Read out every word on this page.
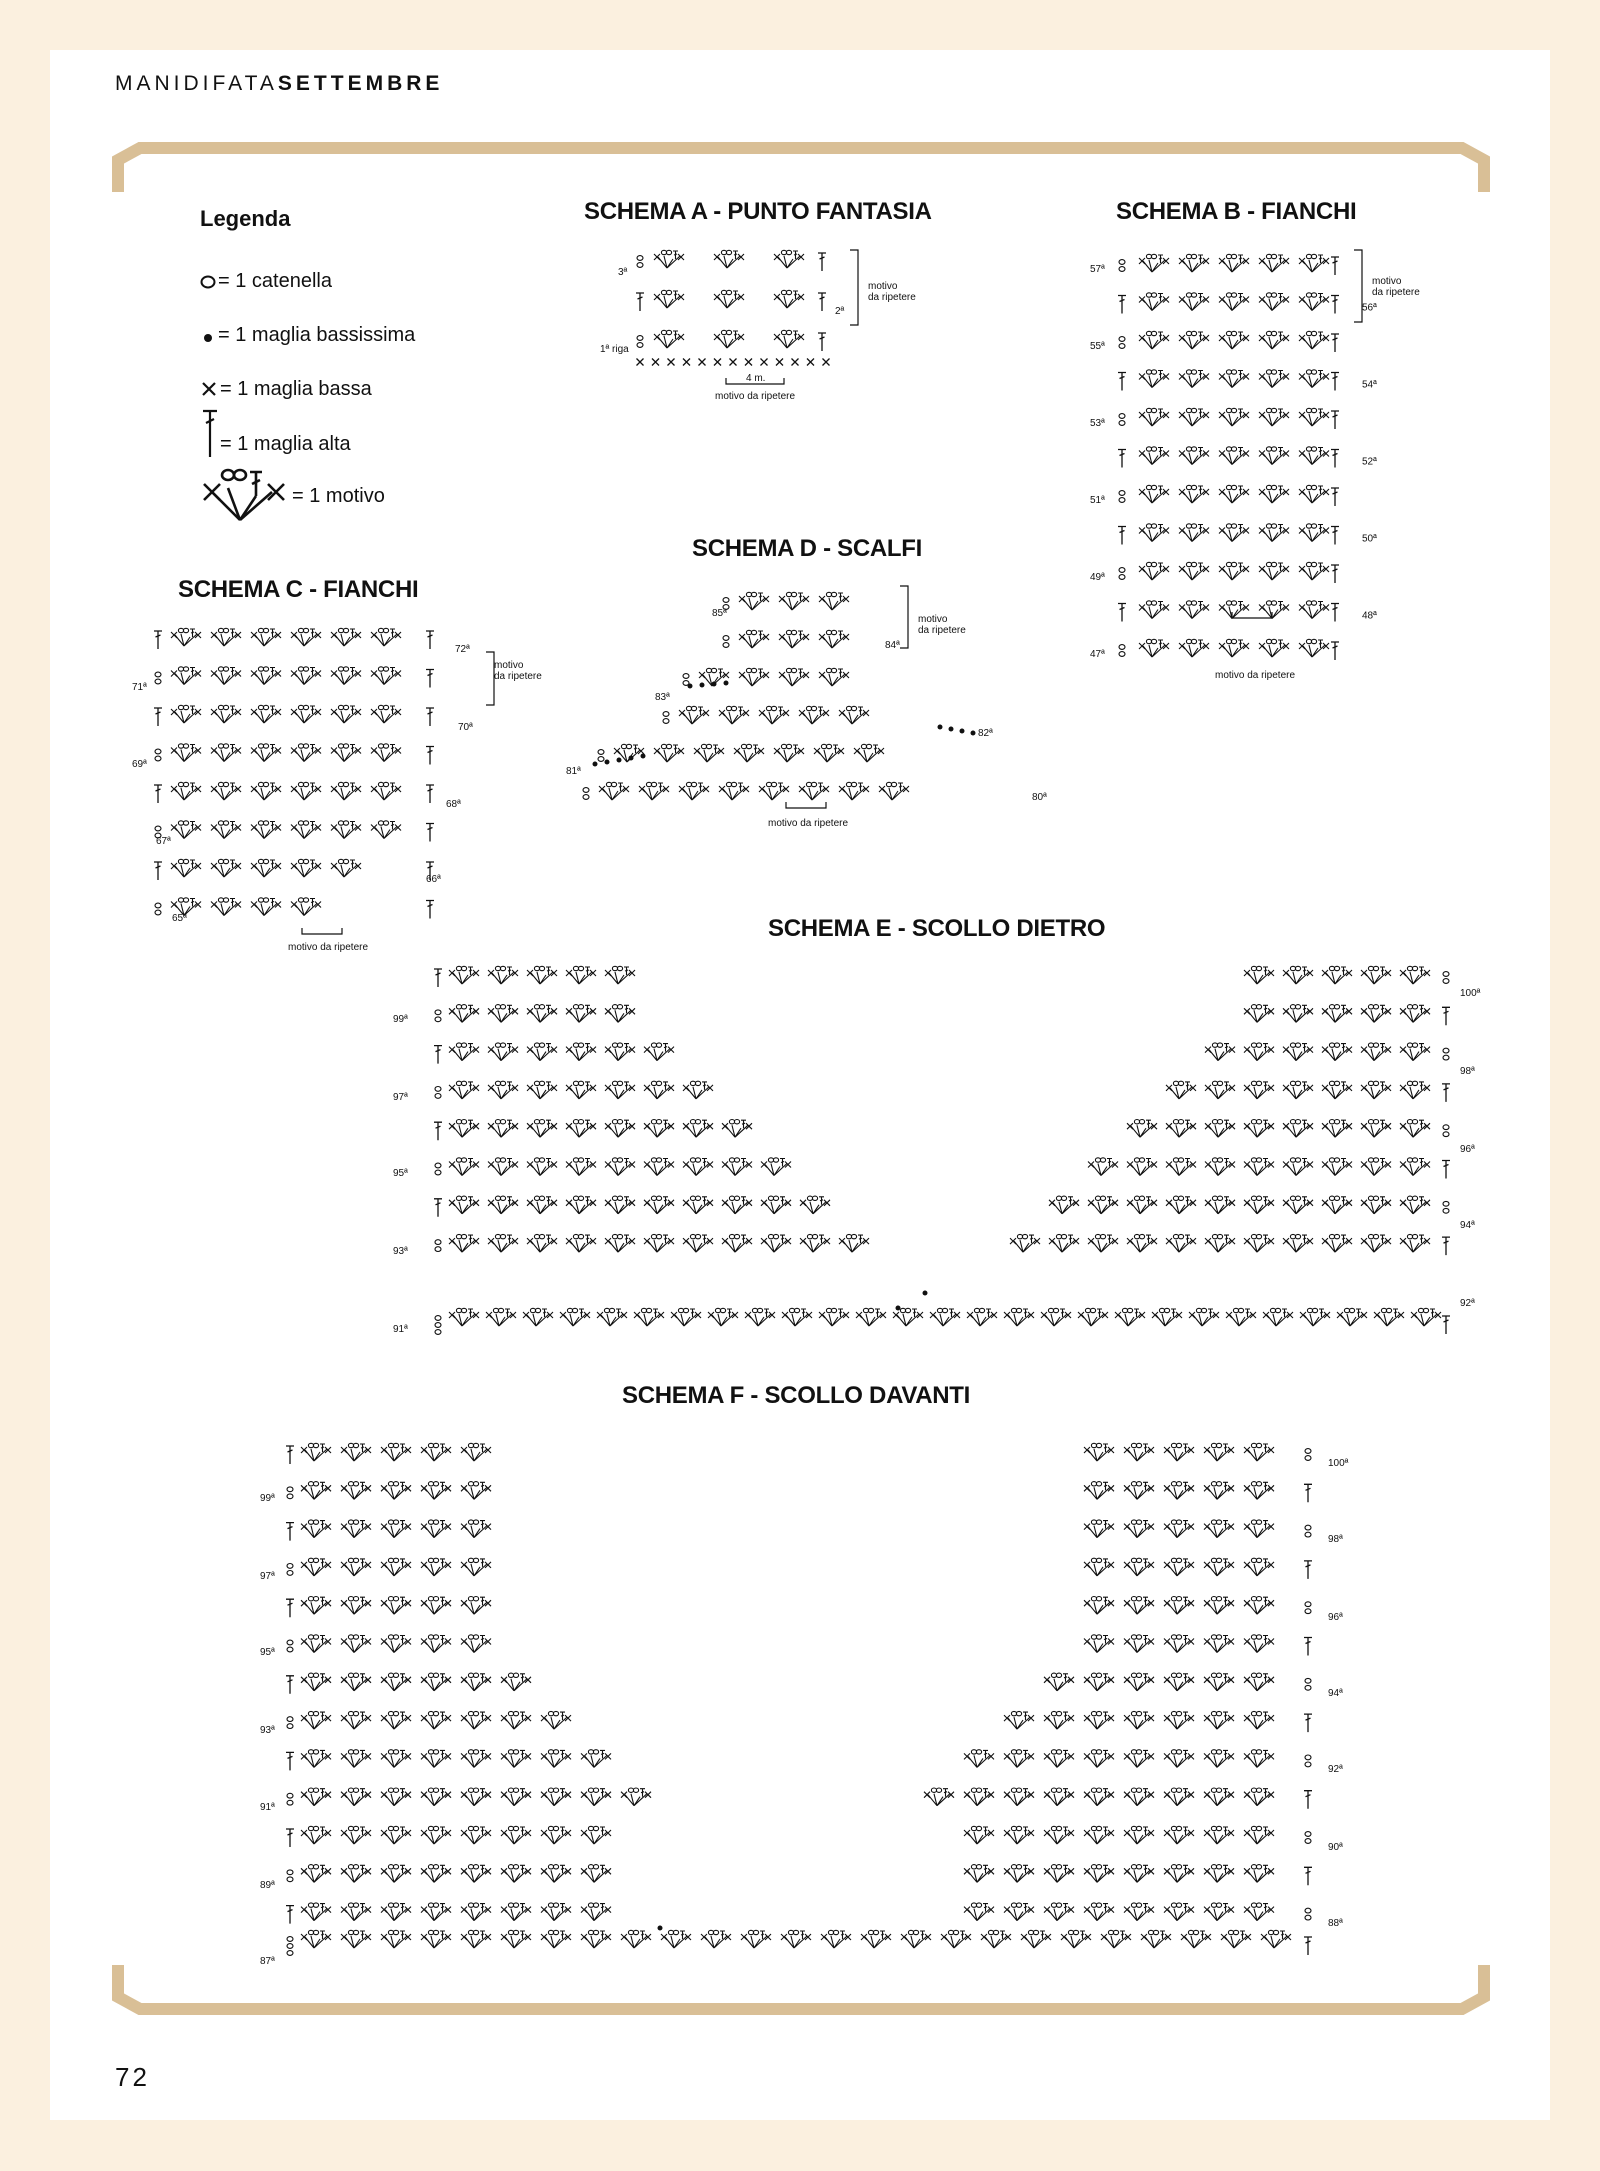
MANIDIFATASETTEMBRE
Legenda
= 1 catenella
= 1 maglia bassissima
= 1 maglia bassa
= 1 maglia alta
= 1 motivo
SCHEMA A - PUNTO FANTASIA	SCHEMA B - FIANCHI
SCHEMA C - FIANCHI
SCHEMA D - SCALFI
SCHEMA E - SCOLLO DIETRO
SCHEMA F - SCOLLO DAVANTI
3ª
2ª
1ª riga
motivo da ripetere
4 m.
motivo da ripetere
57ª
55ª
53ª
51ª
49ª
47ª
56ª
54ª
52ª
50ª
48ª
motivo da ripetere
motivo da ripetere
72ª
71ª
70ª
69ª
68ª
67ª
66ª
65ª
motivo da ripetere
motivo da ripetere
85ª
84ª
83ª
82ª
81ª
80ª
motivo da ripetere
motivo da ripetere
99ª
97ª
95ª
93ª
91ª
100ª
98ª
96ª
94ª
92ª
99ª
97ª
95ª
93ª
91ª
89ª
87ª
100ª
98ª
96ª
94ª
92ª
90ª
88ª
72
